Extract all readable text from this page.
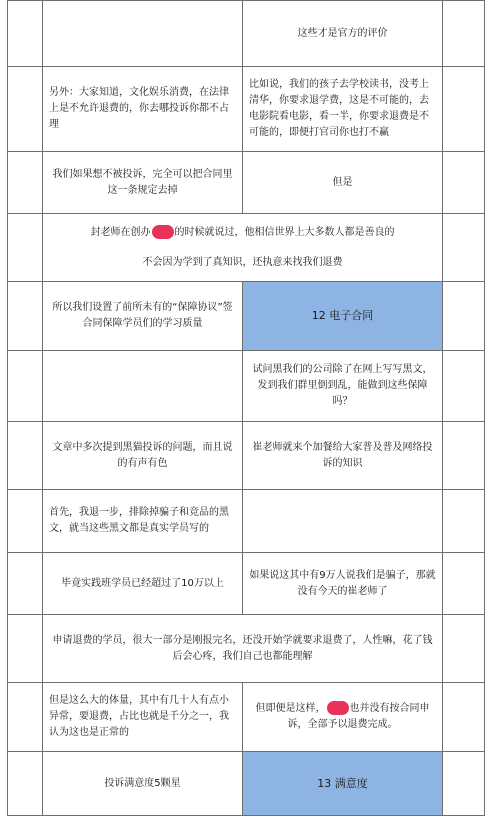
		这些才是官方的评价	
	另外：大家知道，文化娱乐消费，在法律上是不允许退费的，你去哪投诉你都不占理	比如说，我们的孩子去学校读书，没考上清华，你要求退学费，这是不可能的，去电影院看电影，看一半，你要求退费是不可能的，即便打官司你也打不赢	
	我们如果想不被投诉，完全可以把合同里这一条规定去掉	但是	

	封老师在创办 的时候就说过，他相信世界上大多数人都是善良的
不会因为学到了真知识，还执意来找我们退费		

	所以我们设置了前所未有的“保障协议”签合同保障学员们的学习质量	12 电子合同	
		试问黑我们的公司除了在网上写写黑文，发到我们群里倒到乱，能做到这些保障吗？	
	文章中多次提到黑猫投诉的问题，而且说的有声有色	崔老师就来个加餐给大家普及普及网络投诉的知识	
	首先，我退一步，排除掉骗子和竞品的黑文，就当这些黑文都是真实学员写的		
	毕竟实践班学员已经超过了10万以上	如果说这其中有9万人说我们是骗子，那就没有今天的崔老师了	
	申请退费的学员，很大一部分是刚报完名，还没开始学就要求退费了，人性嘛，花了钱后会心疼，我们自己也都能理解		
	但是这么大的体量，其中有几十人有点小异常，要退费，占比也就是千分之一，我认为这也是正常的	但即便是这样， 也并没有按合同申诉，全部予以退费完成。	
	投诉满意度5颗星	13 满意度	
